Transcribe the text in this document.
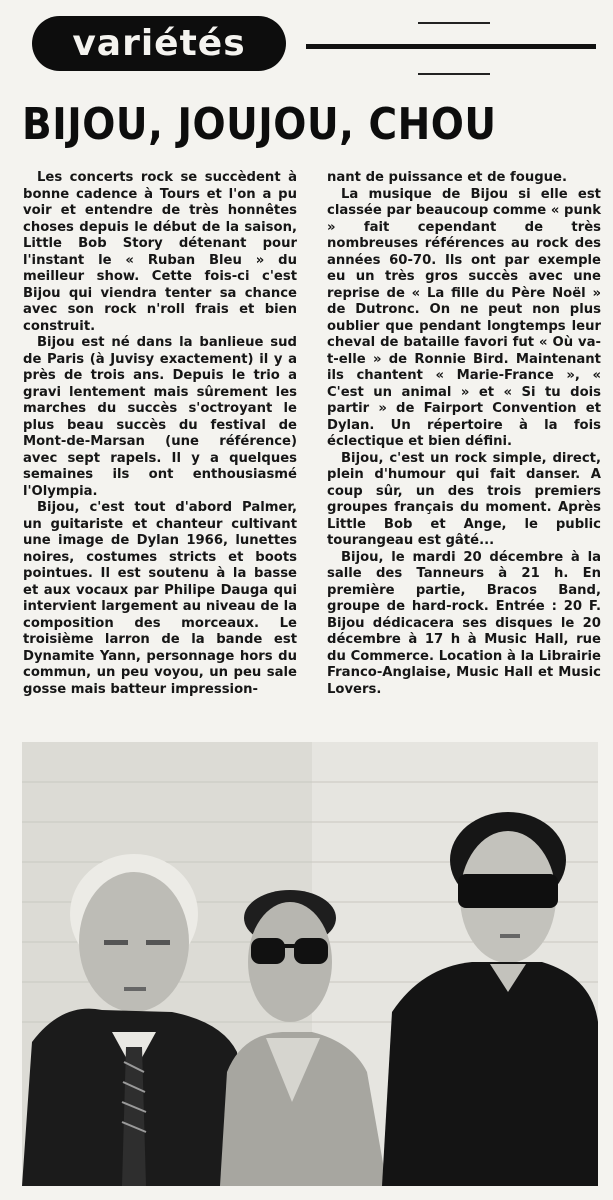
variétés
BIJOU, JOUJOU, CHOU

Les concerts rock se succèdent à bonne cadence à Tours et l'on a pu voir et entendre de très honnêtes choses depuis le début de la saison, Little Bob Story détenant pour l'instant le « Ruban Bleu » du meilleur show. Cette fois-ci c'est Bijou qui viendra tenter sa chance avec son rock n'roll frais et bien construit.

Bijou est né dans la banlieue sud de Paris (à Juvisy exactement) il y a près de trois ans. Depuis le trio a gravi lentement mais sûrement les marches du succès s'octroyant le plus beau succès du festival de Mont-de-Marsan (une référence) avec sept rapels. Il y a quelques semaines ils ont enthousiasmé l'Olympia.

Bijou, c'est tout d'abord Palmer, un guitariste et chanteur cultivant une image de Dylan 1966, lunettes noires, costumes stricts et boots pointues. Il est soutenu à la basse et aux vocaux par Philipe Dauga qui intervient largement au niveau de la composition des morceaux. Le troisième larron de la bande est Dynamite Yann, personnage hors du commun, un peu voyou, un peu sale gosse mais batteur impression-

nant de puissance et de fougue.

La musique de Bijou si elle est classée par beaucoup comme « punk » fait cependant de très nombreuses références au rock des années 60-70. Ils ont par exemple eu un très gros succès avec une reprise de « La fille du Père Noël » de Dutronc. On ne peut non plus oublier que pendant longtemps leur cheval de bataille favori fut « Où va-t-elle » de Ronnie Bird. Maintenant ils chantent « Marie-France », « C'est un animal » et « Si tu dois partir » de Fairport Convention et Dylan. Un répertoire à la fois éclectique et bien défini.

Bijou, c'est un rock simple, direct, plein d'humour qui fait danser. A coup sûr, un des trois premiers groupes français du moment. Après Little Bob et Ange, le public tourangeau est gâté...

Bijou, le mardi 20 décembre à la salle des Tanneurs à 21 h. En première partie, Bracos Band, groupe de hard-rock. Entrée : 20 F. Bijou dédicacera ses disques le 20 décembre à 17 h à Music Hall, rue du Commerce. Location à la Librairie Franco-Anglaise, Music Hall et Music Lovers.
